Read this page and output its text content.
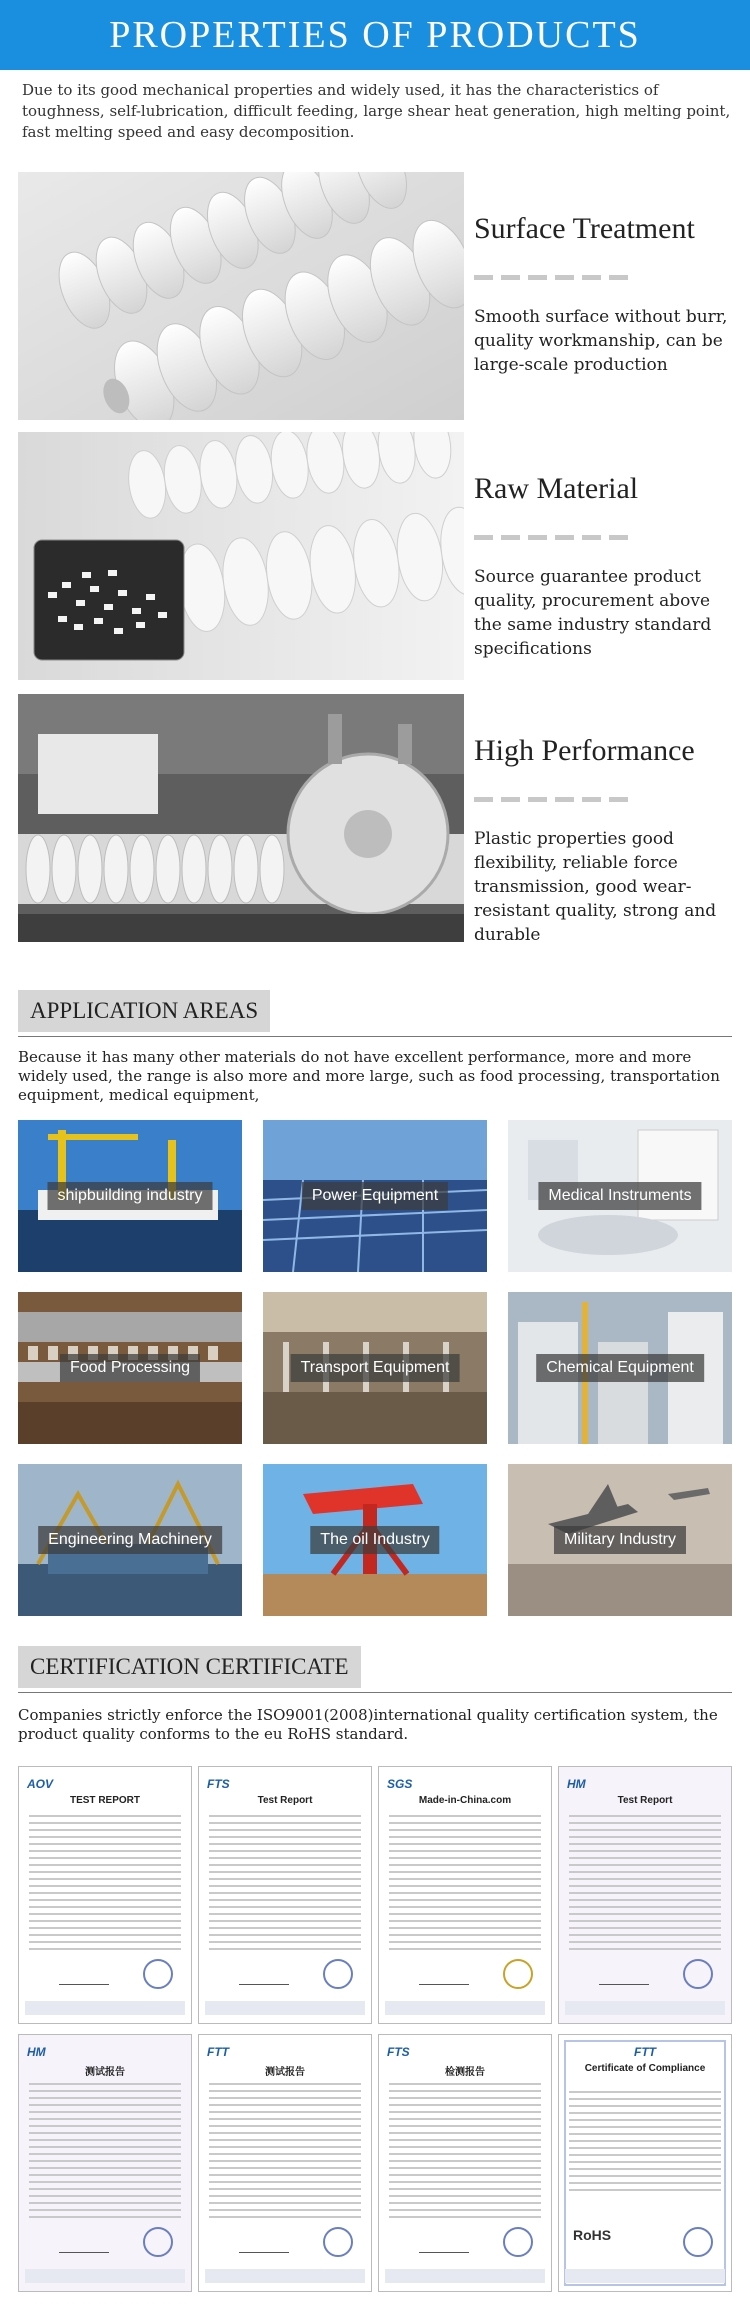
PROPERTIES OF PRODUCTS
Due to its good mechanical properties and widely used, it has the characteristics of toughness, self-lubrication, difficult feeding, large shear heat generation, high melting point, fast melting speed and easy decomposition.
Surface Treatment
Smooth surface without burr, quality workmanship, can be large-scale production
Raw Material
Source guarantee product quality, procurement above the same industry standard specifications
High Performance
Plastic properties good flexibility, reliable force transmission, good wear-resistant quality, strong and durable
APPLICATION AREAS
Because it has many other materials do not have excellent performance, more and more widely used, the range is also more and more large, such as food processing, transportation equipment, medical equipment,
shipbuilding industry	Power Equipment	Medical Instruments
Food Processing	Transport Equipment	Chemical Equipment
Engineering Machinery	The oil Industry	Military Industry
CERTIFICATION CERTIFICATE
Companies strictly enforce the ISO9001(2008)international quality certification system, the product quality conforms to the eu RoHS standard.
AOV
TEST REPORT
FTS
Test Report
SGS
Made-in-China.com
HM
Test Report
HM
测试报告
FTT
测试报告
FTS
检测报告
FTT
Certificate of Compliance
RoHS
